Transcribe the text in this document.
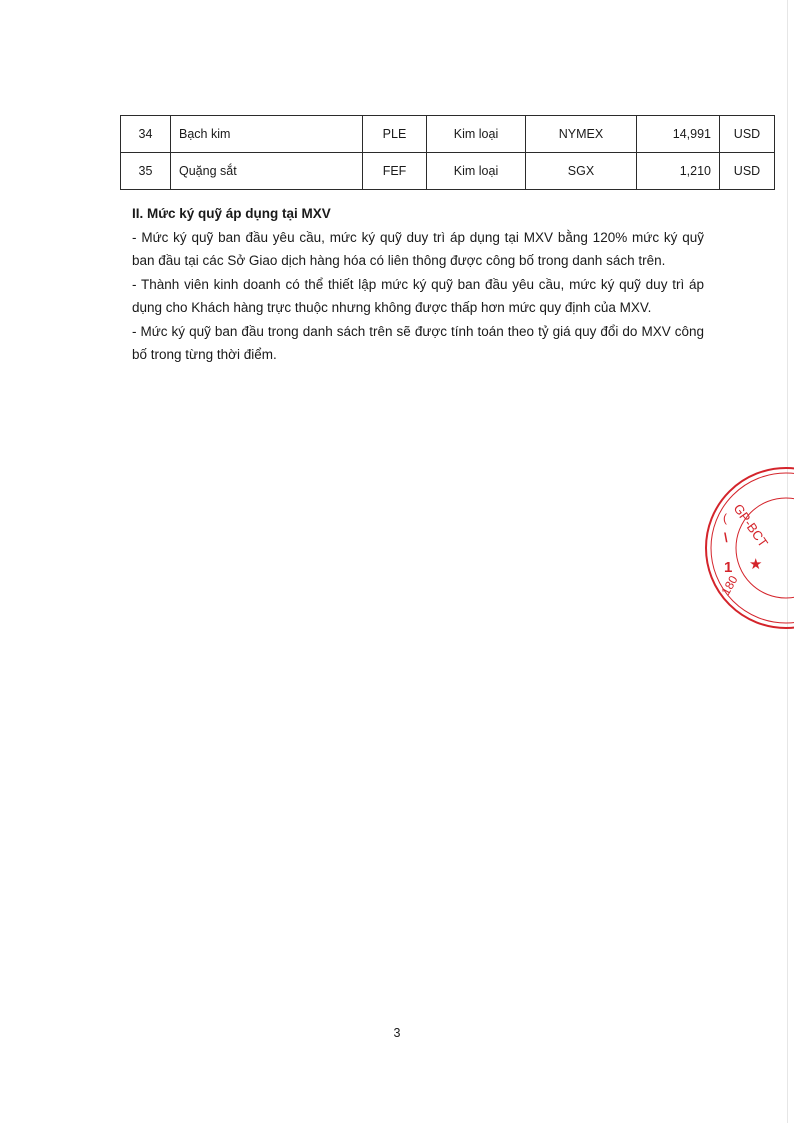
34	Bạch kim	PLE	Kim loại	NYMEX	14,991	USD
35	Quặng sắt	FEF	Kim loại	SGX	1,210	USD

II. Mức ký quỹ áp dụng tại MXV

- Mức ký quỹ ban đầu yêu cầu, mức ký quỹ duy trì áp dụng tại MXV bằng 120% mức ký quỹ ban đầu tại các Sở Giao dịch hàng hóa có liên thông được công bố trong danh sách trên.

- Thành viên kinh doanh có thể thiết lập mức ký quỹ ban đầu yêu cầu, mức ký quỹ duy trì áp dụng cho Khách hàng trực thuộc nhưng không được thấp hơn mức quy định của MXV.

- Mức ký quỹ ban đầu trong danh sách trên sẽ được tính toán theo tỷ giá quy đổi do MXV công bố trong từng thời điểm.

GP-BCT
★
180
\
1
(
3
